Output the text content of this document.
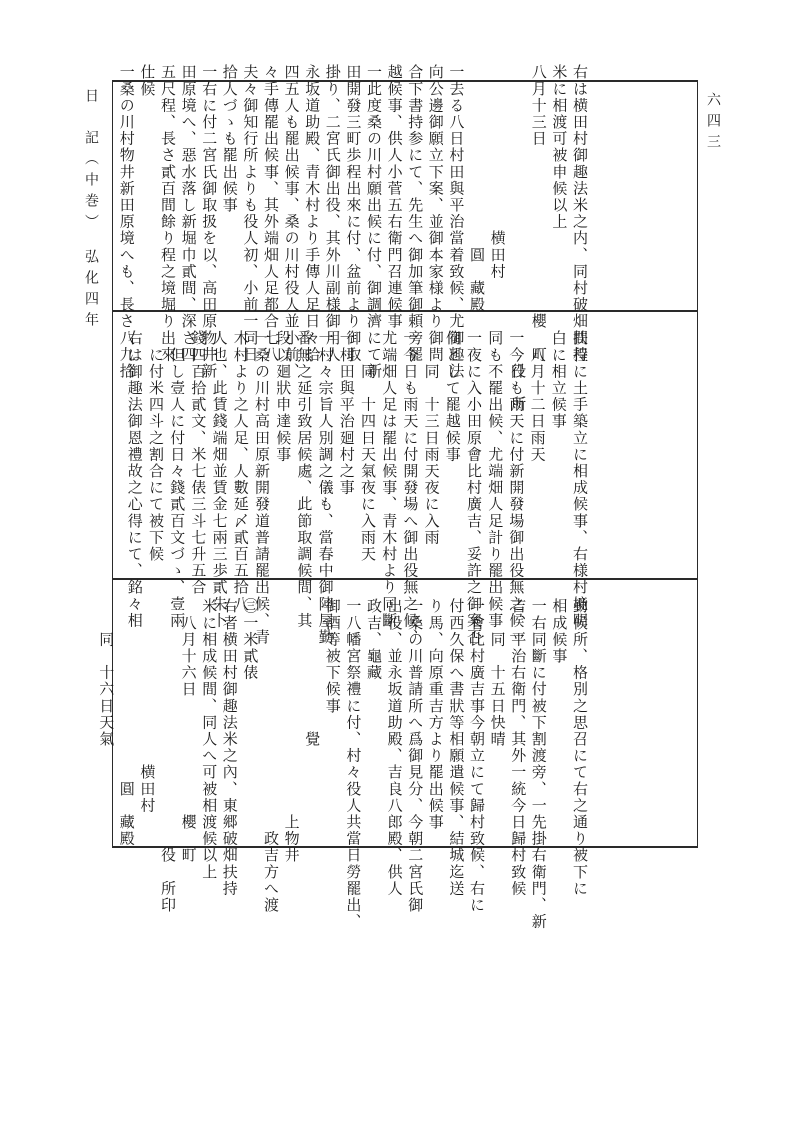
日　記（中巻）　弘化四年	六四三
右は横田村御趣法米之内、同村破畑扶持
米に相渡可被申候以上
八月十三日　　　　　　　　　　櫻　町
　　　　　　　　　　　　　　　　　　役　所
　　　　　　　　　　横田村
　　　　　　　　　　　圓　藏殿
一去る八日村田與平治當着致候、尤御趣法
向公邊御願立下案、並御本家様より御問
合下書持参にて、先生へ御加筆御頼旁罷
越候事、供人小菅五右衛門召連候事
一此度桑の川村願出候に付、御調濟にて新
田開發三町歩程出來に付、盆前より御取
掛り、二宮氏御出役、其外川副様御用人
永坂道助殿、青木村より手傳人足日々拾
四五人も罷出候事、桑の川村役人並小前、
々手傳罷出候事、其外端畑人足都合七八
夫々御知行所よりも役人初、小前一同日
拾人づゝも罷出候事
一右に付二宮氏御取扱を以、高田原物井新
田原境へ、惡水落し新堀巾貳間、深さ四
五尺程、長さ貳百間餘り程之境堀り出來
仕候
一桑の川村物井新田原境へも、長さ八九拾
間程に土手築立に相成候事、右様村境明
白に相立候事
　八月十二日雨天
一今日も雨天に付新開發場御出役無之候一
同も不罷出候、尤端畑人足計り罷出候事
一夜に入小田原會比村廣吉、妥許之御案否
伺として罷越候事
　　同　十三日雨天夜に入雨
一今日も雨天に付開發場へ御出役無之候、
尤端畑人足は罷出候事、青木村より同斷
　　同　十四日天氣夜に入雨天
一村田與平治廻村之事
一村々宗旨人別調之儀も、當春中御陣屋勤
番無之延引致居候處、此節取調候間、其
段以廻狀申達候事
一桑の川村高田原新開發道普請罷出候、青
木村より之人足、人數延〆貳百五拾八
人也、此賃錢端畑並賃金七兩三歩貳朱卜
錢四百拾貳文、米七俵三斗七升五合
　但し壹人に付日々錢貳百文づゝ、壹兩
　に付米四斗之割合にて被下候
右は御趣法御恩禮故之心得にて、銘々相
勤候所、格別之思召にて右之通り被下に
相成候事
一右同斷に付被下割渡旁、一先掛右衛門、新
吉、平治右衛門、其外一統今日歸村致候
　　同　十五日快晴
一會比村廣吉事今朝立にて歸村致候、右に
付西久保へ書狀等相願遣候事、結城迄送
り馬、向原重吉方より罷出候事
一桑の川普請所へ爲御見分、今朝二宮氏御
出役、並永坂道助殿、吉良八郎殿、供人
政吉、龜藏
一八幡宮祭禮に付、村々役人共當日勞罷出、
御酒等被下候事
　　　　　　　　覺
　　　　　　　　　　　　　上物井
　　　　　　　　　　　　　　政吉方へ渡
㊂一米貳俵
右者横田村御趣法米之內、東郷破畑扶持
米に相成候間、同人へ可被相渡候以上
　八月十六日　　　　　　　櫻　町
　　　　　　　　　　　　　　　役　所印
　　　　　　　　　　横田村
　　　　　　　　　　　圓　藏殿
　　同　十六日天氣
